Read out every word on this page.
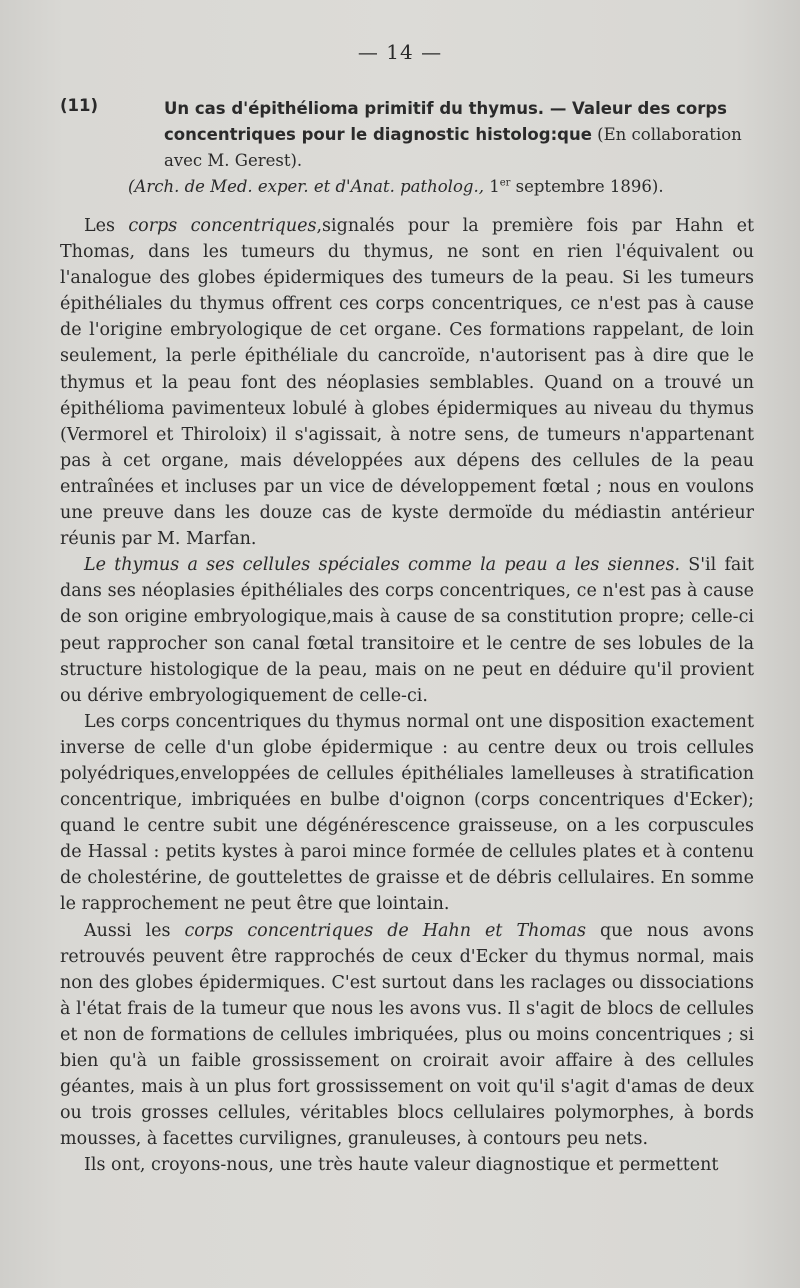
— 14 —
(11)	Un cas d'épithélioma primitif du thymus. — Valeur des corps concentriques pour le diagnostic histolog:que (En collaboration avec M. Gerest).
(Arch. de Med. exper. et d'Anat. patholog., 1er septembre 1896).

Les corps concentriques,signalés pour la première fois par Hahn et Thomas, dans les tumeurs du thymus, ne sont en rien l'équivalent ou l'analogue des globes épidermiques des tumeurs de la peau. Si les tumeurs épithéliales du thymus offrent ces corps concentriques, ce n'est pas à cause de l'origine embryologique de cet organe. Ces formations rappelant, de loin seulement, la perle épithéliale du cancroïde, n'autorisent pas à dire que le thymus et la peau font des néoplasies semblables. Quand on a trouvé un épithélioma pavimenteux lobulé à globes épidermiques au niveau du thymus (Vermorel et Thiroloix) il s'agissait, à notre sens, de tumeurs n'appartenant pas à cet organe, mais développées aux dépens des cellules de la peau entraînées et incluses par un vice de développement fœtal ; nous en voulons une preuve dans les douze cas de kyste dermoïde du médiastin antérieur réunis par M. Marfan.

Le thymus a ses cellules spéciales comme la peau a les siennes. S'il fait dans ses néoplasies épithéliales des corps concentriques, ce n'est pas à cause de son origine embryologique,mais à cause de sa constitution propre; celle-ci peut rapprocher son canal fœtal transitoire et le centre de ses lobules de la structure histologique de la peau, mais on ne peut en déduire qu'il provient ou dérive embryologiquement de celle-ci.

Les corps concentriques du thymus normal ont une disposition exactement inverse de celle d'un globe épidermique : au centre deux ou trois cellules polyédriques,enveloppées de cellules épithéliales lamelleuses à stratification concentrique, imbriquées en bulbe d'oignon (corps concentriques d'Ecker); quand le centre subit une dégénérescence graisseuse, on a les corpuscules de Hassal : petits kystes à paroi mince formée de cellules plates et à contenu de cholestérine, de gouttelettes de graisse et de débris cellulaires. En somme le rapprochement ne peut être que lointain.

Aussi les corps concentriques de Hahn et Thomas que nous avons retrouvés peuvent être rapprochés de ceux d'Ecker du thymus normal, mais non des globes épidermiques. C'est surtout dans les raclages ou dissociations à l'état frais de la tumeur que nous les avons vus. Il s'agit de blocs de cellules et non de formations de cellules imbriquées, plus ou moins concentriques ; si bien qu'à un faible grossissement on croirait avoir affaire à des cellules géantes, mais à un plus fort grossissement on voit qu'il s'agit d'amas de deux ou trois grosses cellules, véritables blocs cellulaires polymorphes, à bords mousses, à facettes curvilignes, granuleuses, à contours peu nets.

Ils ont, croyons-nous, une très haute valeur diagnostique et permettent
